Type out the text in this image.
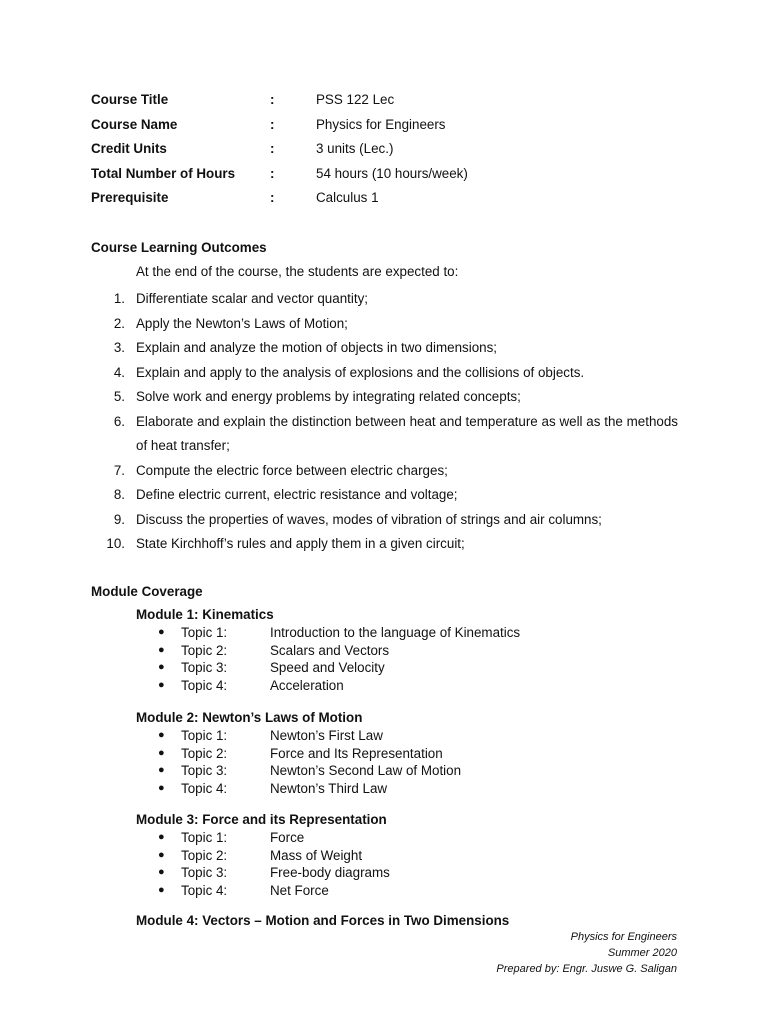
Course Title	:	PSS 122 Lec
Course Name	:	Physics for Engineers
Credit Units	:	3 units (Lec.)
Total Number of Hours	:	54 hours (10 hours/week)
Prerequisite	:	Calculus 1
Course Learning Outcomes
At the end of the course, the students are expected to:
1. Differentiate scalar and vector quantity;
2. Apply the Newton’s Laws of Motion;
3. Explain and analyze the motion of objects in two dimensions;
4. Explain and apply to the analysis of explosions and the collisions of objects.
5. Solve work and energy problems by integrating related concepts;
6. Elaborate and explain the distinction between heat and temperature as well as the methods of heat transfer;
7. Compute the electric force between electric charges;
8. Define electric current, electric resistance and voltage;
9. Discuss the properties of waves, modes of vibration of strings and air columns;
10. State Kirchhoff’s rules and apply them in a given circuit;
Module Coverage
Module 1: Kinematics
● Topic 1:	Introduction to the language of Kinematics
● Topic 2:	Scalars and Vectors
● Topic 3:	Speed and Velocity
● Topic 4:	Acceleration
Module 2: Newton’s Laws of Motion
● Topic 1:	Newton’s First Law
● Topic 2:	Force and Its Representation
● Topic 3:	Newton’s Second Law of Motion
● Topic 4:	Newton’s Third Law
Module 3: Force and its Representation
● Topic 1:	Force
● Topic 2:	Mass of Weight
● Topic 3:	Free-body diagrams
● Topic 4:	Net Force
Module 4: Vectors – Motion and Forces in Two Dimensions
Physics for Engineers
Summer 2020
Prepared by: Engr. Juswe G. Saligan
